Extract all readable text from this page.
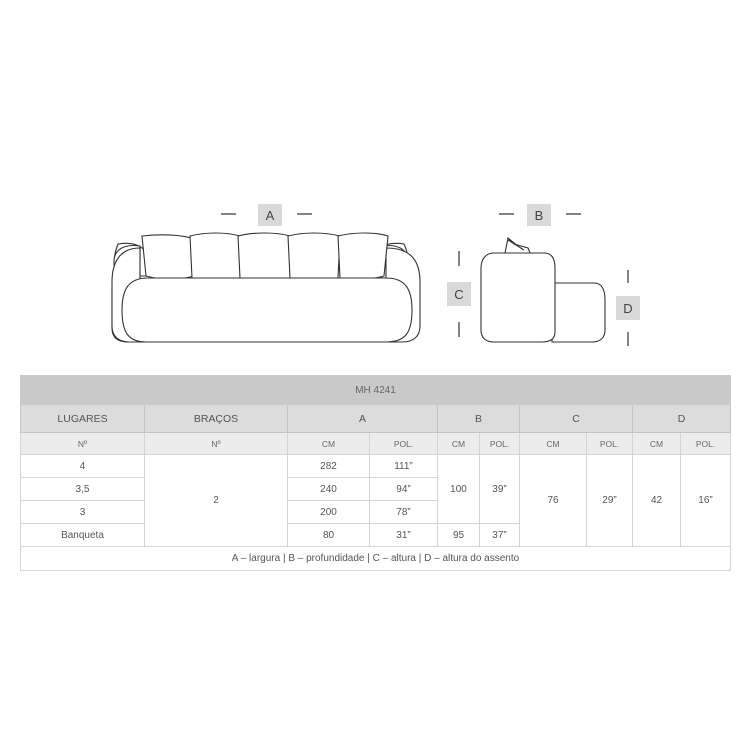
A	B
C
D
MH 4241									
LUGARES	BRAÇOS	A		B		C		D	
Nº	Nº	CM	POL.	CM	POL.	CM	POL.	CM	POL.
4	2	282	111”	100	39”	76	29”	42	16”
3,5		240	94”						
3		200	78”						
Banqueta		80	31”	95	37”				
A – largura | B – profundidade | C – altura | D – altura do assento									
